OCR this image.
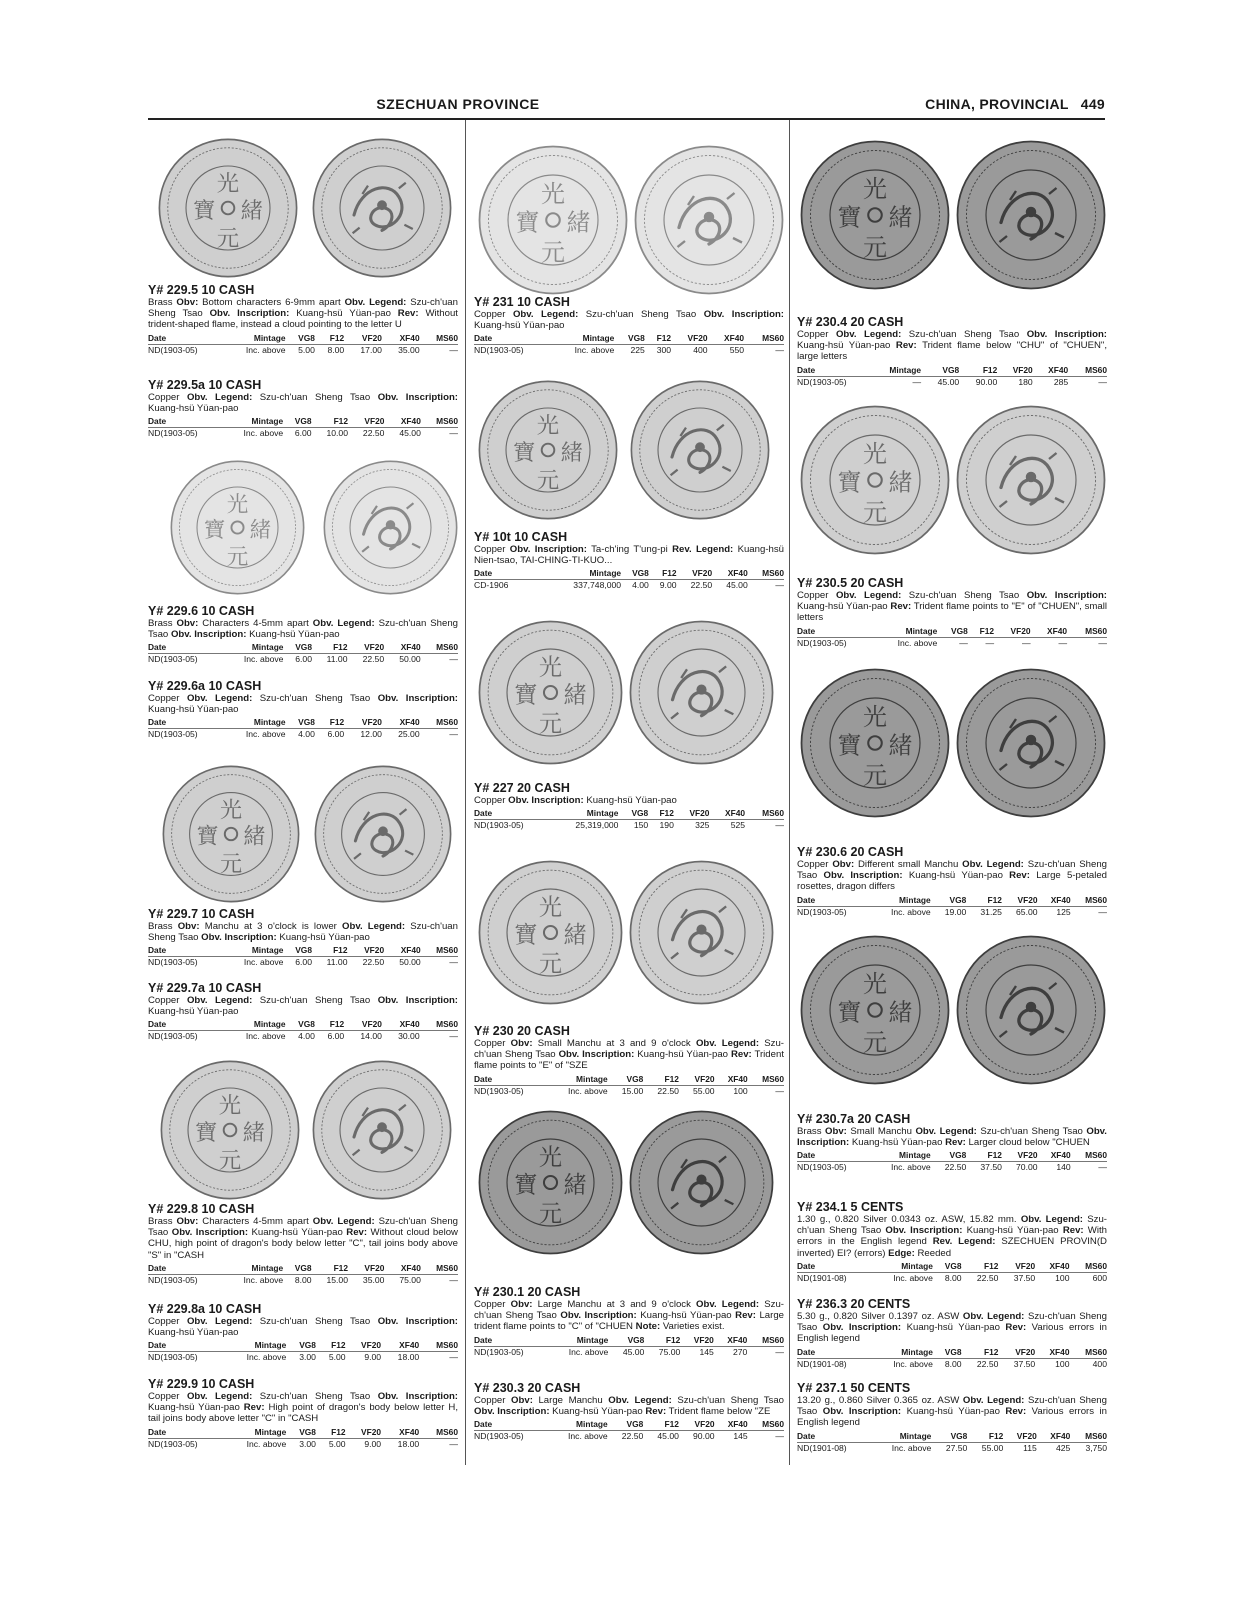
SZECHUAN PROVINCE	CHINA, PROVINCIAL 449
光
緒
元
寶
Y# 229.5 10 CASH

Brass Obv: Bottom characters 6-9mm apart Obv. Legend: Szu-ch'uan Sheng Tsao Obv. Inscription: Kuang-hsü Yüan-pao Rev: Without trident-shaped flame, instead a cloud pointing to the letter U

Date	Mintage	VG8	F12	VF20	XF40	MS60
ND(1903-05)	Inc. above	5.00	8.00	17.00	35.00	—
Y# 229.5a 10 CASH

Copper Obv. Legend: Szu-ch'uan Sheng Tsao Obv. Inscription: Kuang-hsü Yüan-pao

Date	Mintage	VG8	F12	VF20	XF40	MS60
ND(1903-05)	Inc. above	6.00	10.00	22.50	45.00	—
光
緒
元
寶
Y# 229.6 10 CASH

Brass Obv: Characters 4-5mm apart Obv. Legend: Szu-ch'uan Sheng Tsao Obv. Inscription: Kuang-hsü Yüan-pao

Date	Mintage	VG8	F12	VF20	XF40	MS60
ND(1903-05)	Inc. above	6.00	11.00	22.50	50.00	—
Y# 229.6a 10 CASH

Copper Obv. Legend: Szu-ch'uan Sheng Tsao Obv. Inscription: Kuang-hsü Yüan-pao

Date	Mintage	VG8	F12	VF20	XF40	MS60
ND(1903-05)	Inc. above	4.00	6.00	12.00	25.00	—
光
緒
元
寶
Y# 229.7 10 CASH

Brass Obv: Manchu at 3 o'clock is lower Obv. Legend: Szu-ch'uan Sheng Tsao Obv. Inscription: Kuang-hsü Yüan-pao

Date	Mintage	VG8	F12	VF20	XF40	MS60
ND(1903-05)	Inc. above	6.00	11.00	22.50	50.00	—
Y# 229.7a 10 CASH

Copper Obv. Legend: Szu-ch'uan Sheng Tsao Obv. Inscription: Kuang-hsü Yüan-pao

Date	Mintage	VG8	F12	VF20	XF40	MS60
ND(1903-05)	Inc. above	4.00	6.00	14.00	30.00	—
光
緒
元
寶
Y# 229.8 10 CASH

Brass Obv: Characters 4-5mm apart Obv. Legend: Szu-ch'uan Sheng Tsao Obv. Inscription: Kuang-hsü Yüan-pao Rev: Without cloud below CHU, high point of dragon's body below letter "C", tail joins body above "S" in "CASH

Date	Mintage	VG8	F12	VF20	XF40	MS60
ND(1903-05)	Inc. above	8.00	15.00	35.00	75.00	—
Y# 229.8a 10 CASH

Copper Obv. Legend: Szu-ch'uan Sheng Tsao Obv. Inscription: Kuang-hsü Yüan-pao

Date	Mintage	VG8	F12	VF20	XF40	MS60
ND(1903-05)	Inc. above	3.00	5.00	9.00	18.00	—
Y# 229.9 10 CASH

Copper Obv. Legend: Szu-ch'uan Sheng Tsao Obv. Inscription: Kuang-hsü Yüan-pao Rev: High point of dragon's body below letter H, tail joins body above letter "C" in "CASH

Date	Mintage	VG8	F12	VF20	XF40	MS60
ND(1903-05)	Inc. above	3.00	5.00	9.00	18.00	—
光
緒
元
寶
Y# 231 10 CASH

Copper Obv. Legend: Szu-ch'uan Sheng Tsao Obv. Inscription: Kuang-hsü Yüan-pao

Date	Mintage	VG8	F12	VF20	XF40	MS60
ND(1903-05)	Inc. above	225	300	400	550	—
光
緒
元
寶
Y# 10t 10 CASH

Copper Obv. Inscription: Ta-ch'ing T'ung-pi Rev. Legend: Kuang-hsü Nien-tsao, TAI-CHING-TI-KUO...

Date	Mintage	VG8	F12	VF20	XF40	MS60
CD-1906	337,748,000	4.00	9.00	22.50	45.00	—
光
緒
元
寶
Y# 227 20 CASH

Copper Obv. Inscription: Kuang-hsü Yüan-pao

Date	Mintage	VG8	F12	VF20	XF40	MS60
ND(1903-05)	25,319,000	150	190	325	525	—
光
緒
元
寶
Y# 230 20 CASH

Copper Obv: Small Manchu at 3 and 9 o'clock Obv. Legend: Szu-ch'uan Sheng Tsao Obv. Inscription: Kuang-hsü Yüan-pao Rev: Trident flame points to "E" of "SZE

Date	Mintage	VG8	F12	VF20	XF40	MS60
ND(1903-05)	Inc. above	15.00	22.50	55.00	100	—
光
緒
元
寶
Y# 230.1 20 CASH

Copper Obv: Large Manchu at 3 and 9 o'clock Obv. Legend: Szu-ch'uan Sheng Tsao Obv. Inscription: Kuang-hsü Yüan-pao Rev: Large trident flame points to "C" of "CHUEN Note: Varieties exist.

Date	Mintage	VG8	F12	VF20	XF40	MS60
ND(1903-05)	Inc. above	45.00	75.00	145	270	—
Y# 230.3 20 CASH

Copper Obv: Large Manchu Obv. Legend: Szu-ch'uan Sheng Tsao Obv. Inscription: Kuang-hsü Yüan-pao Rev: Trident flame below "ZE

Date	Mintage	VG8	F12	VF20	XF40	MS60
ND(1903-05)	Inc. above	22.50	45.00	90.00	145	—
光
緒
元
寶
Y# 230.4 20 CASH

Copper Obv. Legend: Szu-ch'uan Sheng Tsao Obv. Inscription: Kuang-hsü Yüan-pao Rev: Trident flame below "CHU" of "CHUEN", large letters

Date	Mintage	VG8	F12	VF20	XF40	MS60
ND(1903-05)	—	45.00	90.00	180	285	—
光
緒
元
寶
Y# 230.5 20 CASH

Copper Obv. Legend: Szu-ch'uan Sheng Tsao Obv. Inscription: Kuang-hsü Yüan-pao Rev: Trident flame points to "E" of "CHUEN", small letters

Date	Mintage	VG8	F12	VF20	XF40	MS60
ND(1903-05)	Inc. above	—	—	—	—	—
光
緒
元
寶
Y# 230.6 20 CASH

Copper Obv: Different small Manchu Obv. Legend: Szu-ch'uan Sheng Tsao Obv. Inscription: Kuang-hsü Yüan-pao Rev: Large 5-petaled rosettes, dragon differs

Date	Mintage	VG8	F12	VF20	XF40	MS60
ND(1903-05)	Inc. above	19.00	31.25	65.00	125	—
光
緒
元
寶
Y# 230.7a 20 CASH

Brass Obv: Small Manchu Obv. Legend: Szu-ch'uan Sheng Tsao Obv. Inscription: Kuang-hsü Yüan-pao Rev: Larger cloud below "CHUEN

Date	Mintage	VG8	F12	VF20	XF40	MS60
ND(1903-05)	Inc. above	22.50	37.50	70.00	140	—
Y# 234.1 5 CENTS

1.30 g., 0.820 Silver 0.0343 oz. ASW, 15.82 mm. Obv. Legend: Szu-ch'uan Sheng Tsao Obv. Inscription: Kuang-hsü Yüan-pao Rev: With errors in the English legend Rev. Legend: SZECHUEN PROVIN(D inverted) EI? (errors) Edge: Reeded

Date	Mintage	VG8	F12	VF20	XF40	MS60
ND(1901-08)	Inc. above	8.00	22.50	37.50	100	600
Y# 236.3 20 CENTS

5.30 g., 0.820 Silver 0.1397 oz. ASW Obv. Legend: Szu-ch'uan Sheng Tsao Obv. Inscription: Kuang-hsü Yüan-pao Rev: Various errors in English legend

Date	Mintage	VG8	F12	VF20	XF40	MS60
ND(1901-08)	Inc. above	8.00	22.50	37.50	100	400
Y# 237.1 50 CENTS

13.20 g., 0.860 Silver 0.365 oz. ASW Obv. Legend: Szu-ch'uan Sheng Tsao Obv. Inscription: Kuang-hsü Yüan-pao Rev: Various errors in English legend

Date	Mintage	VG8	F12	VF20	XF40	MS60
ND(1901-08)	Inc. above	27.50	55.00	115	425	3,750
